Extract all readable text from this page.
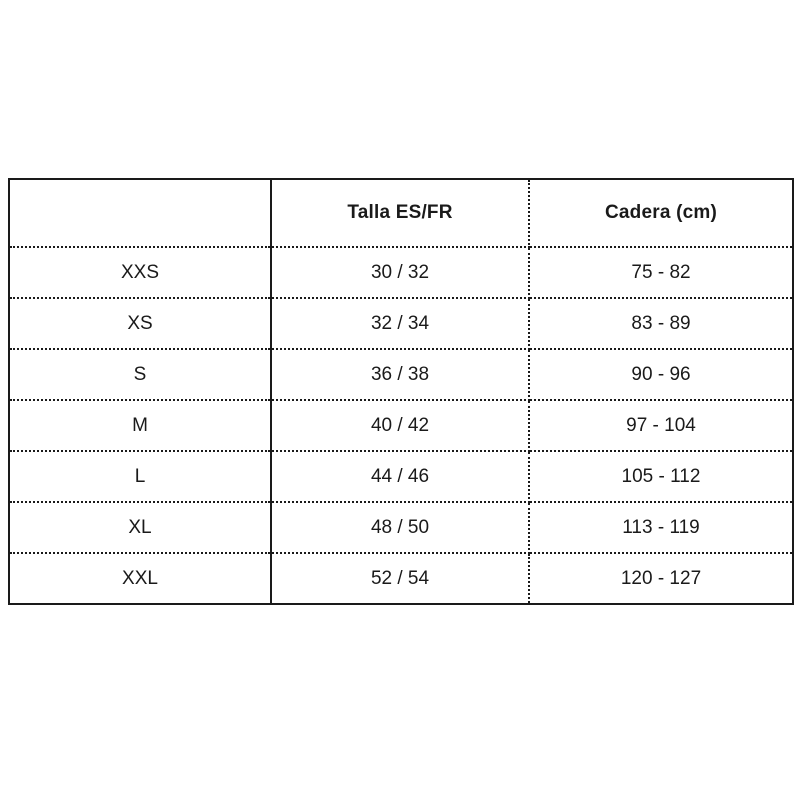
	Talla ES/FR	Cadera (cm)
XXS	30 / 32	75 - 82
XS	32 / 34	83 - 89
S	36 / 38	90 - 96
M	40 / 42	97 - 104
L	44 / 46	105 - 112
XL	48 / 50	113 - 119
XXL	52 / 54	120 - 127
